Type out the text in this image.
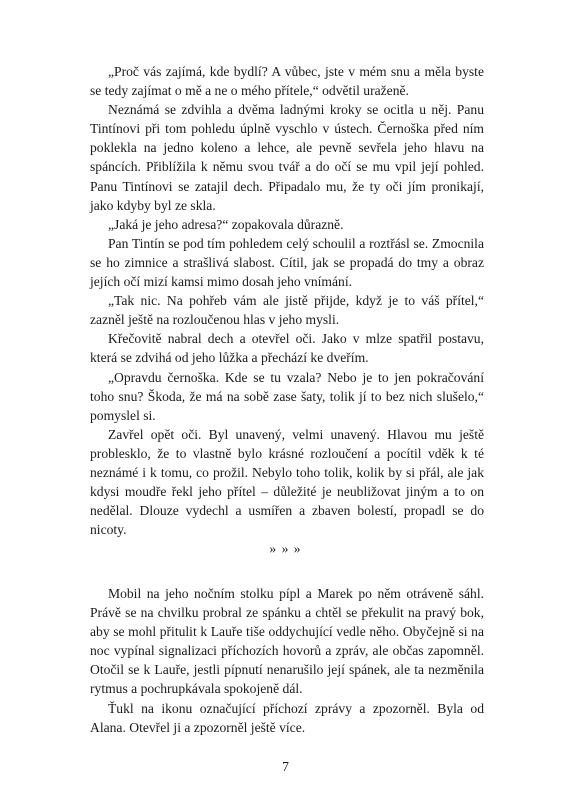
„Proč vás zajímá, kde bydlí? A vůbec, jste v mém snu a měla byste se tedy zajímat o mě a ne o mého přítele,“ odvětil uraženě.

Neznámá se zdvihla a dvěma ladnými kroky se ocitla u něj. Panu Tintínovi při tom pohledu úplně vyschlo v ústech. Černoška před ním poklekla na jedno koleno a lehce, ale pevně sevřela jeho hlavu na spáncích. Přiblížila k němu svou tvář a do očí se mu vpil její pohled. Panu Tintínovi se zatajil dech. Připadalo mu, že ty oči jím pronikají, jako kdyby byl ze skla.

„Jaká je jeho adresa?“ zopakovala důrazně.

Pan Tintín se pod tím pohledem celý schoulil a roztřásl se. Zmocnila se ho zimnice a strašlivá slabost. Cítil, jak se propadá do tmy a obraz jejích očí mizí kamsi mimo dosah jeho vnímání.

„Tak nic. Na pohřeb vám ale jistě přijde, když je to váš přítel,“ zazněl ještě na rozloučenou hlas v jeho mysli.

Křečovitě nabral dech a otevřel oči. Jako v mlze spatřil postavu, která se zdvihá od jeho lůžka a přechází ke dveřím.

„Opravdu černoška. Kde se tu vzala? Nebo je to jen pokračování toho snu? Škoda, že má na sobě zase šaty, tolik jí to bez nich slušelo,“ pomyslel si.

Zavřel opět oči. Byl unavený, velmi unavený. Hlavou mu ještě problesklo, že to vlastně bylo krásné rozloučení a pocítil vděk k té neznámé i k tomu, co prožil. Nebylo toho tolik, kolik by si přál, ale jak kdysi moudře řekl jeho přítel – důležité je neubližovat jiným a to on nedělal. Dlouze vydechl a usmířen a zbaven bolestí, propadl se do nicoty.

» » »

Mobil na jeho nočním stolku pípl a Marek po něm otráveně sáhl. Právě se na chvilku probral ze spánku a chtěl se překulit na pravý bok, aby se mohl přitulit k Lauře tiše oddychující vedle něho. Obyčejně si na noc vypínal signalizaci příchozích hovorů a zpráv, ale občas zapomněl. Otočil se k Lauře, jestli pípnutí nenarušilo její spánek, ale ta nezměnila rytmus a pochrupkávala spokojeně dál.

Ťukl na ikonu označující příchozí zprávy a zpozorněl. Byla od Alana. Otevřel ji a zpozorněl ještě více.

7
